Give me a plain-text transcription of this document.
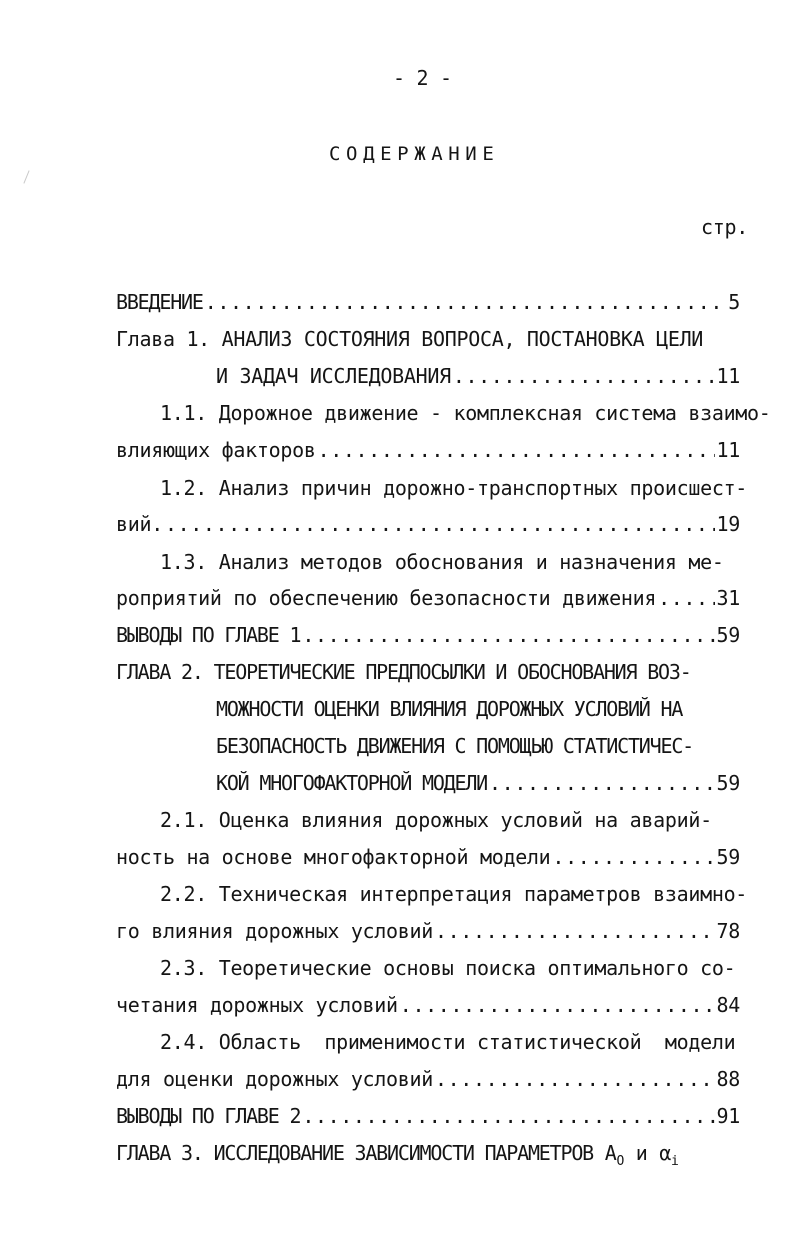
- 2 -
СОДЕРЖАНИЕ
стр.
ВВЕДЕНИЕ .....	5
Глава 1. АНАЛИЗ СОСТОЯНИЯ ВОПРОСА, ПОСТАНОВКА ЦЕЛИ
И ЗАДАЧ ИССЛЕДОВАНИЯ .....	11
1.1. Дорожное движение - комплексная система взаимо-
влияющих факторов .....	11
1.2. Анализ причин дорожно-транспортных происшест-
вий. .....	19
1.3. Анализ методов обоснования и назначения ме-
роприятий по обеспечению безопасности движения .....	31
ВЫВОДЫ ПО ГЛАВЕ 1 .....	59
ГЛАВА 2. ТЕОРЕТИЧЕСКИЕ ПРЕДПОСЫЛКИ И ОБОСНОВАНИЯ ВОЗ-
МОЖНОСТИ ОЦЕНКИ ВЛИЯНИЯ ДОРОЖНЫХ УСЛОВИЙ НА
БЕЗОПАСНОСТЬ ДВИЖЕНИЯ С ПОМОЩЬЮ СТАТИСТИЧЕС-
КОЙ МНОГОФАКТОРНОЙ МОДЕЛИ .....	59
2.1. Оценка влияния дорожных условий на аварий-
ность на основе многофакторной модели .....	59
2.2. Техническая интерпретация параметров взаимно-
го влияния дорожных условий .....	78
2.3. Теоретические основы поиска оптимального со-
четания дорожных условий .....	84
2.4. Область  применимости статистической  модели
для оценки дорожных условий .....	88
ВЫВОДЫ ПО ГЛАВЕ 2 .....	91
ГЛАВА 3. ИССЛЕДОВАНИЕ ЗАВИСИМОСТИ ПАРАМЕТРОВ $A_O$ и $\alpha_i$
